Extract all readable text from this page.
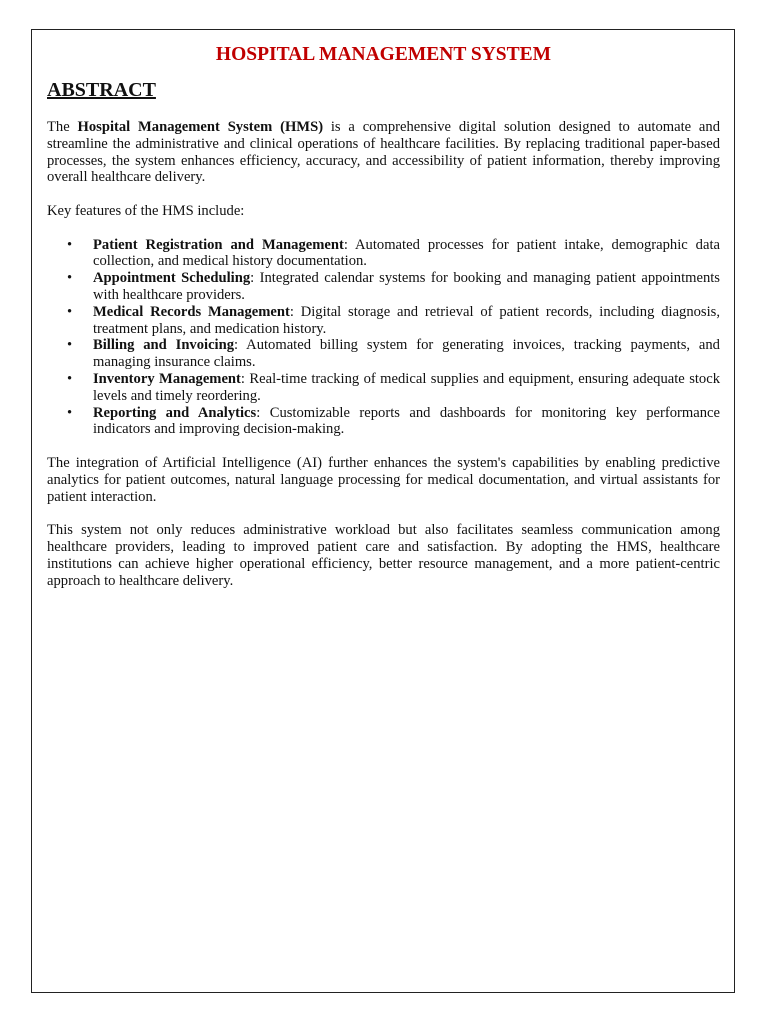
HOSPITAL MANAGEMENT SYSTEM
ABSTRACT

The Hospital Management System (HMS) is a comprehensive digital solution designed to automate and streamline the administrative and clinical operations of healthcare facilities. By replacing traditional paper-based processes, the system enhances efficiency, accuracy, and accessibility of patient information, thereby improving overall healthcare delivery.

Key features of the HMS include:

• Patient Registration and Management: Automated processes for patient intake, demographic data collection, and medical history documentation.
• Appointment Scheduling: Integrated calendar systems for booking and managing patient appointments with healthcare providers.
• Medical Records Management: Digital storage and retrieval of patient records, including diagnosis, treatment plans, and medication history.
• Billing and Invoicing: Automated billing system for generating invoices, tracking payments, and managing insurance claims.
• Inventory Management: Real-time tracking of medical supplies and equipment, ensuring adequate stock levels and timely reordering.
• Reporting and Analytics: Customizable reports and dashboards for monitoring key performance indicators and improving decision-making.

The integration of Artificial Intelligence (AI) further enhances the system's capabilities by enabling predictive analytics for patient outcomes, natural language processing for medical documentation, and virtual assistants for patient interaction.

This system not only reduces administrative workload but also facilitates seamless communication among healthcare providers, leading to improved patient care and satisfaction. By adopting the HMS, healthcare institutions can achieve higher operational efficiency, better resource management, and a more patient-centric approach to healthcare delivery.
